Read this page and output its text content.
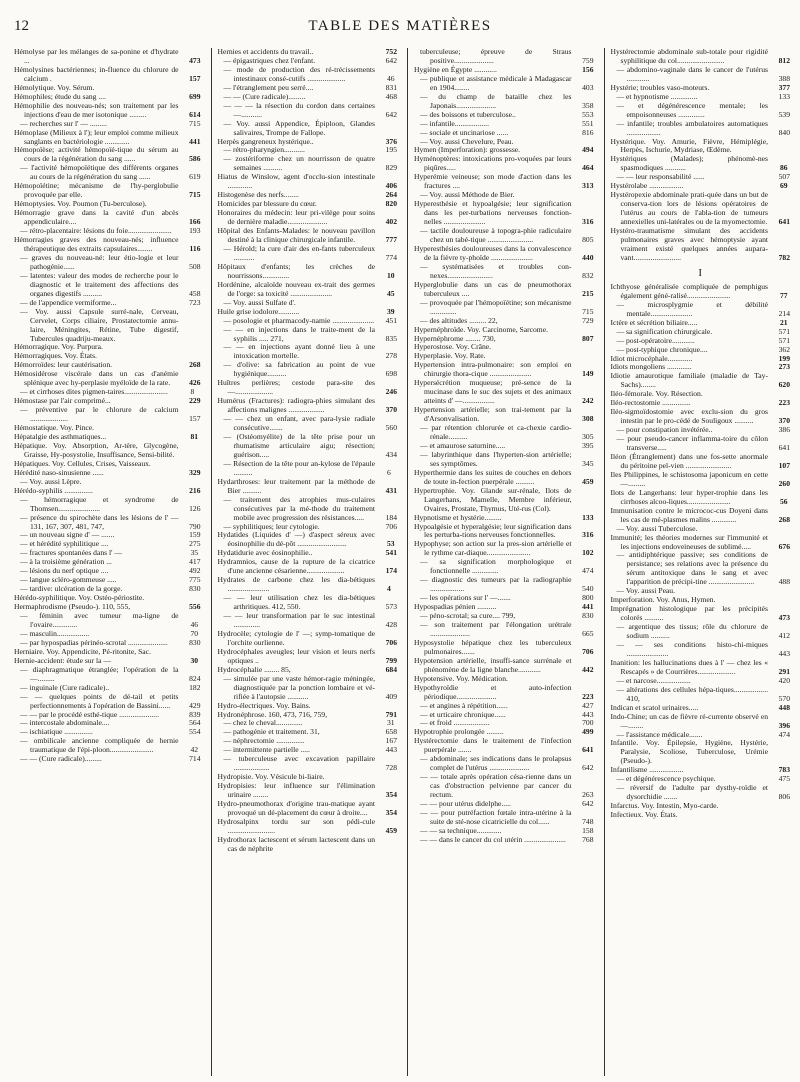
12	TABLE DES MATIÈRES
Hémolyse par les mélanges de sa-ponine et d'hydrate ...	473
Hémolysines bactériennes; in-fluence du chlorure de calcium .	157
Hémolytique. Voy. Sérum.
Hémophiles; étude du sang ....	699
Hémophilie des nouveau-nés; son traitement par les injections d'eau de mer isotonique .........	614
— recherches sur l' — .........	715
Hémoplase (Milieux à l'); leur emploi comme milieux sanglants en bactériologie .............	441
Hémopoïèse; activité hémopoïé-tique du sérum au cours de la régénération du sang ......	586
— l'activité hémopoïétique des différents organes au cours de la régénération du sang ......	619
Hémopoïétine; mécanisme de l'hy-perglobulie provoquée par elle.	715
Hémoptysies. Voy. Poumon (Tu-berculose).
Hémorragie grave dans la cavité d'un abcès appendiculaire....	166
— rétro-placentaire: lésions du foie....................... 193
Hémorragies graves des nouveau-nés; influence thérapeutique des extraits capsulaires........	116
— graves du nouveau-né: leur étio-logie et leur pathogénie......	508
— latentes: valeur des modes de recherche pour le diagnostic et le traitement des affections des organes digestifs ..........	458
— de l'appendice vermiforme...	723
— Voy. aussi Capsule surré-nale, Cerveau, Cervelet, Corps ciliaire, Prostatectomie annu-laire, Méningites, Rétine, Tube digestif, Tubercules quadriju-meaux.
Hémorragique. Voy. Purpura.
Hémorragiques. Voy. États.
Hémorroïdes: leur cautérisation.	268
Hémosidérose viscérale dans un cas d'anémie splénique avec hy-perplasie myéloïde de la rate. 426
— et cirrhoses dites pigmen-taires.......................	8
Hémostase par l'air comprimé...	229
— préventive par le chlorure de calcium ....................	157
Hémostatique. Voy. Pince.
Hépatalgie des asthmatiques...	81
Hépatique. Voy. Absorption, Ar-tère, Glycogène, Graisse, Hy-posystolie, Insuffisance, Sensi-bilité.
Hépatiques. Voy. Cellules, Crises, Vaisseaux.
Hérédité naso-sinusienne ......	329
— Voy. aussi Lèpre.
Hérédo-syphilis ...............	216
— hémorragique et syndrome de Thomsen......................	126
— présence du spirochète dans les lésions de l' — 131, 167, 307, 481, 747,	790
— un nouveau signe d' — .......	159
— et hérédité syphilitique ....	275
— fractures spontanées dans l' —	35
— à la troisième génération ...	417
— lésions du nerf optique ....	492
— langue scléro-gommeuse .....	775
— tardive: ulcération de la gorge.	830
Hérédo-syphilitique. Voy. Ostéo-périostite.
Hermaphrodisme (Pseudo-). 110, 555,	556
— féminin avec tumeur ma-ligne de l'ovaire.............	46
— masculin.................	70
— par hypospadias périnéo-scrotal .....................	830
Herniaire. Voy. Appendicite, Pé-ritonite, Sac.
Hernie-accident: étude sur la —	30
— diaphragmatique étranglée; l'opération de la —.........	824
— inguinale (Cure radicale)..	182
— — quelques points de dé-tail et petits perfectionnements à l'opération de Bassini...... 429
— — par le procédé esthé-tique .....................	839
— intercostale abdominale....	564
— ischiatique ...............	554
— ombilicale ancienne compliquée de hernie traumatique de l'épi-ploon.......................	42
— — (Cure radicale).........	714
Hernies et accidents du travail..	752
— épigastriques chez l'enfant.	642
— mode de production des ré-trécissements intestinaux consé-cutifs ....................	46
— l'étranglement peu serré....	831
— — (Cure radicale).........	468
— — — la résection du cordon dans certaines —...........	642
— Voy. aussi Appendice, Épiploon, Glandes salivaires, Trompe de Fallope.
Herpès gangreneux hystérique..	376
— rétro-pharyngien...........	195
— zostériforme chez un nourrisson de quatre semaines ..........	829
Hiatus de Winslow, agent d'occlu-sion intestinale .............	406
Histogenèse des nerfs........	264
Homicides par blessure du cœur.	820
Honoraires du médecin: leur pri-vilège pour soins de dernière maladie.....................	402
Hôpital des Enfants-Malades: le nouveau pavillon destiné à la clinique chirurgicale infantile.	777
— Hérold; la cure d'air des en-fants tuberculeux ...........	774
Hôpitaux d'enfants; les crèches de nourrissons..............	10
Hordénine, alcaloïde nouveau ex-trait des germes de l'orge: sa toxicité ......................	45
— Voy. aussi Sulfate d'.
Huile grise iodolore...........	39
— posologie et pharmacody-namie ...................... 451
— — en injections dans le traite-ment de la syphilis ..... 271,	835
— — en injections ayant donné lieu à une intoxication mortelle.	278
— d'olive: sa fabrication au point de vue hygiénique..........	698
Huîtres perlières; cestode para-site des —....................	246
Humérus (Fractures): radiogra-phies simulant des affections malignes ...................	370
— — chez un enfant, avec para-lysie radiale consécutive.......	560
— (Ostéomyélite) de la tête prise pour un rhumatisme articulaire aigu; résection; guérison.....	434
— Résection de la tête pour an-kylose de l'épaule ..........	6
Hydarthroses: leur traitement par la méthode de Bier ..........	431
— traitement des atrophies mus-culaires consécutives par la mé-thode du traitement mobile avec progression des résistances.....	184
— syphilitiques; leur cytologie.	706
Hydatides (Liquides d' —) d'aspect séreux avec éosinophilie du dé-pôt ..........................	53
Hydatidurie avec éosinophilie..	541
Hydramnios, cause de la rupture de la cicatrice d'une ancienne césarienne....................	174
Hydrates de carbone chez les dia-bétiques ......................	4
— — leur utilisation chez les dia-bétiques arthritiques. 412, 550.	573
— — leur transformation par le suc intestinal ..............	428
Hydrocèle; cytologie de l' —; symp-tomatique de l'orchite ourlienne.	706
Hydrocéphales aveugles; leur vision et leurs nerfs optiques ..	799
Hydrocéphalie ........ 85,	684
— simulée par une vaste hémor-ragie méningée, diagnostiquée par la ponction lombaire et vé-rifiée à l'autopsie ...........	409
Hydro-électriques. Voy. Bains.
Hydronéphrose. 160, 473, 716, 759,	791
— chez le cheval..............	31
— pathogénie et traitement. 31,	658
— néphrectomie ...............	167
— intermittente partielle .....	443
— tuberculeuse avec excavation papillaire ...................	728
Hydropisie. Voy. Vésicule bi-liaire.
Hydropisies: leur influence sur l'élimination urinaire ........	354
Hydro-pneumothorax d'origine trau-matique ayant provoqué un dé-placement du cœur à droite.... 354
Hydrosalpinx tordu sur son pédi-cule .........................	459
Hydrothorax lactescent et sérum lactescent dans un cas de néphrite
tuberculeuse; épreuve de Straus positive.....................	759
Hygiène en Égypte ............	156
— publique et assistance médicale à Madagascar en 1904........	403
— du champ de bataille chez les Japonais.....................	358
— des boissons et tuberculose..	553
— infantile..................	551
— sociale et uncinariose ......	816
— Voy. aussi Chevelure, Peau.
Hymen (Imperforation): grossesse.	494
Hyménoptères: intoxications pro-voquées par leurs piqûres.....	464
Hyperémie veineuse; son mode d'action dans les fractures ....	313
— Voy. aussi Méthode de Bier.
Hyperesthésie et hypoalgésie; leur signification dans les per-turbations nerveuses fonction-nelles ......................	316
— tactile douloureuse à topogra-phie radiculaire chez un tabé-tique ........................	805
Hyperesthésies douloureuses dans la convalescence de la fièvre ty-phoïde ......................	440
— systématisées et troubles con-nexes........................	832
Hyperglobulie dans un cas de pneumothorax tuberculeux ....	215
— provoquée par l'hémopoïétine; son mécanisme ..............	715
— des altitudes ......... 22,	729
Hypernéphroïde. Voy. Carcinome, Sarcome.
Hypernéphrome ........ 730,	807
Hyperostose. Voy. Crâne.
Hyperplasie. Voy. Rate.
Hypertension intra-pulmonaire: son emploi en chirurgie thora-cique ......................	149
Hypersécrétion muqueuse; pré-sence de la mucinase dans le suc des sujets et des animaux atteints d' —.................	242
Hypertension artérielle; son trai-tement par la d'Arsonvalisation.	308
— par rétention chlorurée et ca-chexie cardio-rénale..........	305
— et amaurose saturnine.....	395
— labyrinthique dans l'hyperten-sion artérielle; ses symptômes.	345
Hyperthermie dans les suites de couches en dehors de toute in-fection puerpérale ..........	459
Hypertrophie. Voy. Glande sur-rénale, Ilots de Langerhans, Mamelle, Membre inférieur, Ovaires, Prostate, Thymus, Uté-rus (Col).
Hypnotisme et hystérie.........	133
Hypoalgésie et hyperalgésie; leur signification dans les perturba-tions nerveuses fonctionnelles.	316
Hypophyse; son action sur la pres-sion artérielle et le rythme car-diaque.......................	102
— sa signification morphologique et fonctionnelle ..............	474
— diagnostic des tumeurs par la radiographie ..................	540
— les opérations sur l' —.......	800
Hypospadias pénien ..........	441
— péno-scrotal; sa cure.... 799,	830
— son traitement par l'élongation urétrale .....................	665
Hyposystolie hépatique chez les tuberculeux pulmonaires.......	706
Hypotension artérielle, insuffi-sance surrénale et phénomène de la ligne blanche............	442
Hypotensive. Voy. Médication.
Hypothyroïdie et auto-infection périodique.....................	223
— et angines à répétition......	427
— et urticaire chronique......	443
— et froid ...................	700
Hypotrophie prolongée .........	499
Hystérectomie dans le traitement de l'infection puerpérale .......	641
— abdominale; ses indications dans le prolapsus complet de l'utérus .....................	642
— — totale après opération césa-rienne dans un cas d'obstruction pelvienne par cancer du rectum.	263
— — pour utérus didelphe.....	642
— — pour putréfaction fœtale intra-utérine à la suite de sté-nose cicatricielle du col......	748
— — sa technique.............	158
— — dans le cancer du col utérin ...................... 768
Hystérectomie abdominale sub-totale pour rigidité syphilitique du col.........................	812
— abdomino-vaginale dans le cancer de l'utérus ............	388
Hystérie; troubles vaso-moteurs.	377
— et hypnotisme ..............	133
— et dégénérescence mentale; les empoisonneuses ..............	539
— infantile; troubles ambulatoires automatiques ..................	840
Hystérique. Voy. Amurie, Fièvre, Hémiplégie, Herpès, Ischurie, Mydriase, Œdème.
Hystériques (Malades); phénomè-nes spasmodiques ...........	86
— — leur responsabilité ......	507
Hystérolabe ..................	69
Hystéropexie abdominale prati-quée dans un but de conserva-tion lors de lésions opératoires de l'utérus au cours de l'abla-tion de tumeurs annexielles uni-latérales ou de la myomectomie. 641
Hystéro-traumatisme simulant des accidents pulmonaires graves avec hémoptysie ayant vraiment existé quelques années aupara-vant.........................	782
I
Ichthyose généralisée compliquée de pemphigus également géné-ralisé.......................	77
— microsplygmie et débilité mentale......................	214
Ictère et sécrétion biliaire.....	21
— sa signification chirurgicale.	571
— post-opératoire............	571
— post-typhique chronique....	362
Idiot microcéphale.............	199
Idiots mongoliens .............	273
Idiotie amaurotique familiale (maladie de Tay-Sachs)........	620
Iléo-fémorale. Voy. Résection.
Iléo-rectostomie ...............	223
Iléo-sigmoïdostomie avec exclu-sion du gros intestin par le pro-cédé de Souligoux ..........	370
— pour constipation invétérée..	386
— pour pseudo-cancer inflamma-toire du côlon transverse.....	641
Iléon (Étranglement) dans une fos-sette anormale du péritoine pel-vien ........................	107
Iles Philippines, le schistosoma japonicum en cette —.........	260
Ilots de Langerhans: leur hyper-trophie dans les cirrhoses alcoo-liques.......................	56
Immunisation contre le micrococ-cus Doyeni dans les cas de mé-plasmes malins .............	268
— Voy. aussi Tuberculose.
Immunité; les théories modernes sur l'immunité et les injections endoveineuses de sublimé.....	676
— antidiphtérique passive; ses conditions de persistance; ses relations avec la présence du sérum antitoxique dans le sang et avec l'apparition de précipi-tine ........................	488
— Voy. aussi Peau.
Imperforation. Voy. Anus, Hymen.
Imprégnation histologique par les précipités colorés ..........	473
— argentique des tissus; rôle du chlorure de sodium ..........	412
— — ses conditions histo-chi-miques ......................	443
Inanition: les hallucinations dues à l' — chez les « Rescapés » de Courrières....................	291
— et narcose..................	420
— altérations des cellules hépa-tiques.................. 410,	570
Indican et scatol urinaires.....	448
Indo-Chine; un cas de fièvre ré-currente observé en —........	396
— l'assistance médicale.......	474
Infantile. Voy. Épilepsie, Hygiène, Hystérie, Paralysie, Scoliose, Tuberculose, Urémie (Pseudo-).
Infantilisme ..................	783
— et dégénérescence psychique.	475
— réversif de l'adulte par dysthy-roïdie et dysorchidie .......	806
Infarctus. Voy. Intestin, Myo-carde.
Infectieux. Voy. États.
